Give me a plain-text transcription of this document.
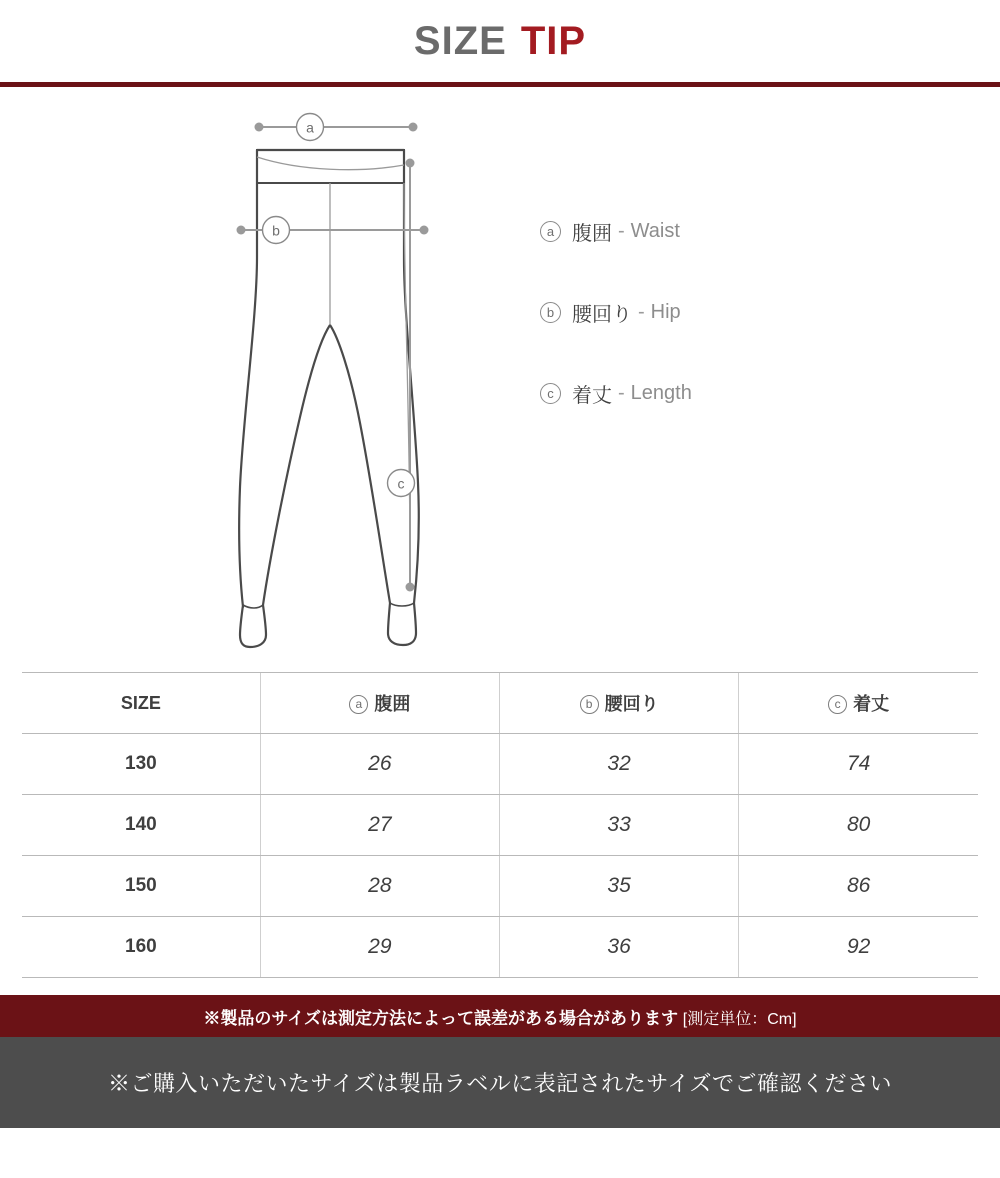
SIZE TIP
a
b
c
a 腹囲 - Waist
b 腰回り - Hip
c 着丈 - Length
SIZE	a 腹囲	b 腰回り	c 着丈
130	26	32	74
140	27	33	80
150	28	35	86
160	29	36	92
※製品のサイズは測定方法によって誤差がある場合があります [測定単位：Cm]
※ご購入いただいたサイズは製品ラベルに表記されたサイズでご確認ください
